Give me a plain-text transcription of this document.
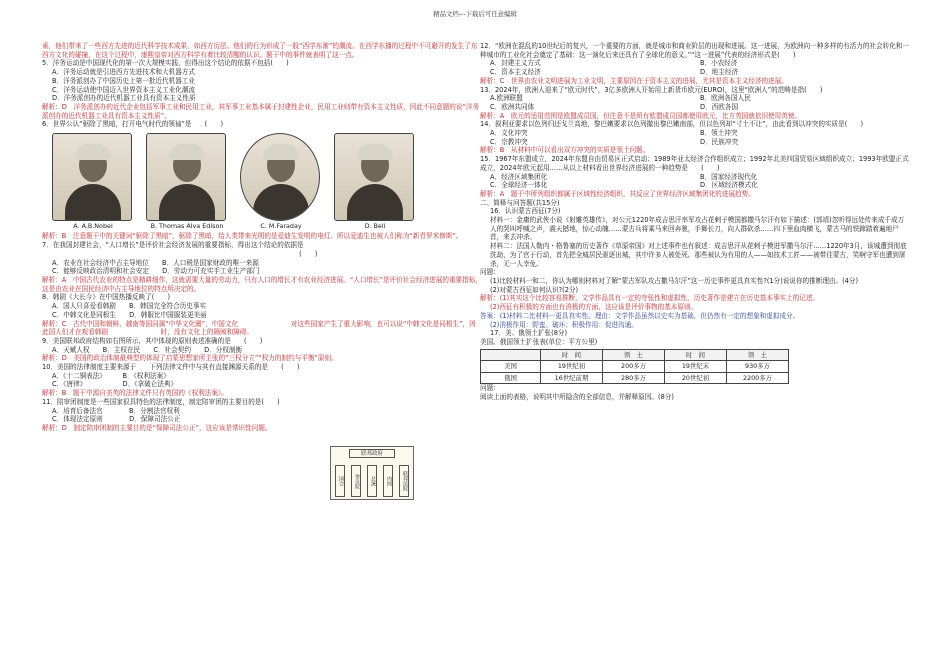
精品文档---下载后可任意编辑

素，他们带来了一些西方先进的近代科学技术成果，如西方历法。他们的行为形成了一股“西学东渐”的潮流。在西学东播的过程中不可避开的发生了东西方文化的碰撞，在这个过程中，康熙皇帝对西方科学有着比较清醒的认识。题干中的事件就表明了这一点。

5．洋务运动是中国现代化的第一次大规模实践，但得出这个结论的依据不包括(　　)

A．洋务运动就是引进西方先进技术和大机器方式

B．洋务派创办了中国历史上第一批近代机器工业

C．洋务运动使中国迈入世界资本主义工业化潮流

D．洋务派创办的近代机器工业具有资本主义性质

解析：D　洋务派创办的近代企业包括军事工业和民用工业，其军事工业基本属于封建性企业，民用工业则带有资本主义性质，因此不同意题的说“洋务派创办的近代机器工业具有资本主义性质”。

6．世界公认“驱除了黑暗，打开电气时代的领袖”是　　(　　)

A. A.B.Nobel	B. Thomas Alva Edison	C. M.Faraday	D. Bell

解析：B　注意题干中的关键词“驱除了黑暗”，驱除了黑暗，给人类带来光明的是爱迪生发明的电灯。所以爱迪生也被人们称为“新青罗米修斯”。

7．在我国封建社会，“人口增长”是评价社会经济发展的重要指标，得出这个结论的依据是

　　　　　　　　　　　　　　　　　　　　　　　　　　　　　　　　　　　　　　　(　　)

A．农业在社会经济中占主导地位　　B．人口税是国家财政的唯一来源

C．能够反映政治清明和社会安定　　D．劳动力可充实手工业生产部门

解析：A　中国古代农业的特点是精耕细作，这就需要大量的劳动力，只有人口的增长才有农业经济进展。“人口增长”是评价社会经济进展的重要指标，这是由农业在国民经济中占主导地位的特点所决定的。

8．韩剧《大长今》在中国热播反映了(　　)

A．国人只喜爱看韩剧　　B．韩国完全符合历史事实

C．中韩文化是同根生　　D．韩服比中国服装更美丽

解析：C　古代中国和朝鲜、越南等国同属“中华文化圈”，中国文化　　　　　　　　对这些国家产生了重大影响，也可以说“中韩文化是同根生”，因此国人们才在观看韩剧　　　　　　　　时，没有文化上的隔阂和障碍。

9．美国联邦政府结构如右图所示，其中体现的原则表述准确的是　　(　　)

A．天赋人权　　B．主权在民　　C．社会契约　　D．分权制衡

解析：D　美国的政治体制最典型的体现了启蒙思想家所主张的“三权分立”“权力的制约与平衡”原则。

10．美国的法律制度主要来源于　　下列法律文件中与其有直接渊源关系的是　　(　　)

A．《十二铜表法》　　　B．《权利法案》

C．《唐律》　　　　　　D．《拿破仑法典》

解析：B　题干中源自美英的法律文件只有英国的《权利法案》。

11．陪审团制度是一些国家很具特色的法律制度，制定陪审团的主要目的是(　　)

A．培育后备法官　　　　B．分割法官权利

C．体现法定原则　　　　D．保障司法公正

解析：D　制定陪审团制的主要目的是“保障司法公正”，这应该是常识性问题。

联邦政府
国会	参议院	总统	内阁	联邦法院

12．“欧洲在混乱的10世纪后的复兴，一个重要的方面，就是城市和商业阶层的出现和进展。这一进展，为欧洲向一种多样的有活力的社会转化和一种城市的工业化社会奠定了基础：这一演化后来还具有了全球化的意义。”“这一进展”代表的经济形式是(　　)

A．封建主义方式	B．小农经济

C．资本主义经济	D．地主经济

解析：C　世界由农业文明进展为工业文明，主要原因在于资本主义的进展，尤其是资本主义经济的进展。

13．2024年，欧洲人迎来了“欧元时代”，3亿多欧洲人开始用上新货币欧元(EURO)，这里“欧洲人”的范畴是指(　　)

A.欧洲联盟	B．欧洲各国人民

C．欧洲共同体	D．西欧各国

解析：A　欧元的适用范围是欧盟成员国，但注意不是所有欧盟成员国都使用欧元，比方英国就依旧使用英镑。

14．叙利亚要求以色列归还戈兰高地，黎巴嫩要求以色列撤出黎巴嫩南部，但以色列却“寸土不让”，由此看到以冲突的实质是(　　)

A．文化冲突	B．领土冲突

C．宗教冲突	D．民族冲突

解析：B　从材料中可以看出双方冲突的实质是领土问题。

15．1967年东盟成立，2024年东盟自由贸易区正式启动；1989年亚太经济合作组织成立；1992年北美四国贸易区域组织成立；1993年欧盟正式成立，2024年欧元起用……从以上材料看出世界经济进展的一种趋势是　　(　　)

A．经济区域集团化	B．国家经济现代化

C．全球经济一体化	D．区域经济模式化

解析：A　题干中所列组织都属于区域性经济组织，其反应了世界经济区域集团化的进展趋势。

二、简释与问答题(共15分)

16．认识蒙古西征(7分)

材料一：金庸的武侠小说《射雕英雄传》，对公元1220年成吉思汗率军攻占花剌子模国都撒马尔汗有如下描述：(郭靖)忽听得远处传来成千成万人的哭叫呼喊之声，震天撼地，惊心动魄……蒙古兵将乘马来回奔驰，手舞长刀，向人群砍杀……四下里血肉横飞，蒙古马的铁蹄踏着遍地尸首，来去冲杀。

材料二：法国人勒内・格鲁塞的历史著作《草原帝国》对上述事件也有叙述：成吉思汗从花剌子模进军撒马尔汗……1220年3月，该城遭到彻底洗劫，为了官于行动，首先把全城居民驱逐出城，其中许多人被处死。那些被认为有用的人——如技术工匠——被带往蒙古，笑啊守军也遭到屠杀，无一人幸免。

问题：

(1)比较材料一和二，你认为哪则材料对了解“蒙古军队攻占撒马尔汗”这一历史事件更具真实性?(1分)说说你的推断理由。(4分)

(2)对蒙古西征如何认识?(2分)

解析：(1)其实这个比较容易推断，文学作品具有一定的夸张性和虚拟性，历史著作是建立在历史基本事实上的记述。

(2)西征有积极的方面也有消极的方面，这应该是评价事物的基本原则。

答案：(1)材料二比材料一更具真实性。理由：文学作品虽然以史实为基础，但仍然有一定的想象和虚拟成分。

(2)消极作用：野蛮、破坏；积极作用：促进沟通。

17．美、俄领土扩张(8分)

美国、俄国领土扩张表(单位：平方公里)

	时　间	领　土	时　间	领　土
美国	19世纪初	200多万	19世纪末	930多万
俄国	16世纪前期	280多万	20世纪初	2200多万

问题：

阅读上面的表格，说明其中所隐含的全部信息，并解释原因。(8分)
